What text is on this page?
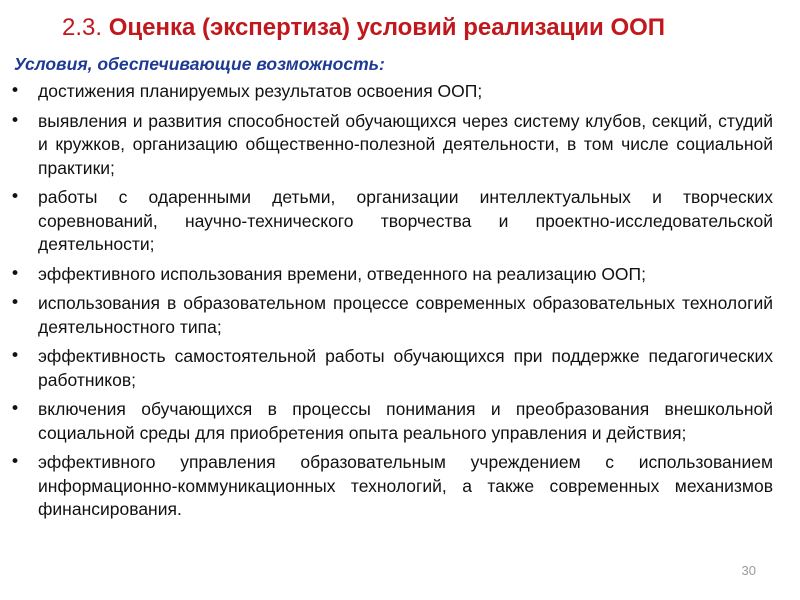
2.3. Оценка (экспертиза) условий реализации ООП
Условия, обеспечивающие возможность:
•	достижения планируемых результатов освоения ООП;
•	выявления и развития способностей обучающихся через систему клубов, секций, студий и кружков, организацию общественно-полезной деятельности, в том числе социальной практики;
•	работы с одаренными детьми, организации интеллектуальных и творческих соревнований, научно-технического творчества и проектно-исследовательской деятельности;
•	эффективного использования времени, отведенного на реализацию ООП;
•	использования в образовательном процессе современных образовательных технологий деятельностного типа;
•	эффективность самостоятельной работы обучающихся при поддержке педагогических работников;
•	включения обучающихся в процессы понимания и преобразования внешкольной социальной среды для приобретения опыта реального управления и действия;
•	эффективного управления образовательным учреждением с использованием информационно-коммуникационных технологий, а также современных механизмов финансирования.
30
